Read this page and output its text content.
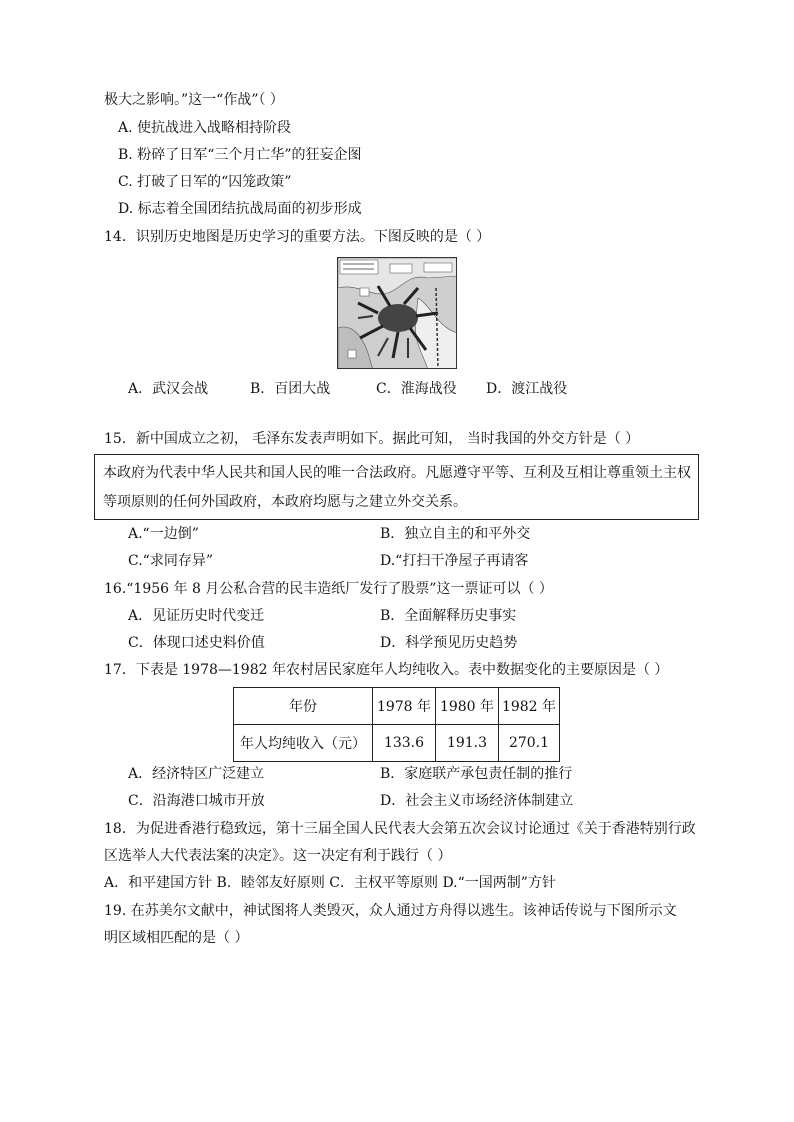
极大之影响。”这一“作战”（ ）
A. 使抗战进入战略相持阶段
B. 粉碎了日军“三个月亡华”的狂妄企图
C. 打破了日军的“囚笼政策”
D. 标志着全国团结抗战局面的初步形成
14．识别历史地图是历史学习的重要方法。下图反映的是（ ）
A．武汉会战	B．百团大战	C．淮海战役 D．渡江战役
15．新中国成立之初， 毛泽东发表声明如下。据此可知， 当时我国的外交方针是（ ）
本政府为代表中华人民共和国人民的唯一合法政府。凡愿遵守平等、互利及互相让尊重领土主权
等项原则的任何外国政府，本政府均愿与之建立外交关系。
A.“一边倒”	B．独立自主的和平外交
C.“求同存异”	D.“打扫干净屋子再请客
16.“1956 年 8 月公私合营的民丰造纸厂发行了股票”这一票证可以（ ）
A．见证历史时代变迁	B．全面解释历史事实
C．体现口述史料价值	D．科学预见历史趋势
17．下表是 1978—1982 年农村居民家庭年人均纯收入。表中数据变化的主要原因是（ ）
年份	1978 年	1980 年	1982 年
年人均纯收入（元）	133.6	191.3	270.1
A．经济特区广泛建立	B．家庭联产承包责任制的推行
C．沿海港口城市开放	D．社会主义市场经济体制建立
18．为促进香港行稳致远，第十三届全国人民代表大会第五次会议讨论通过《关于香港特别行政
区选举人大代表法案的决定》。这一决定有利于践行（ ）
A．和平建国方针 B．睦邻友好原则 C．主权平等原则 D.“一国两制”方针
19. 在苏美尔文献中，神试图将人类毁灭，众人通过方舟得以逃生。该神话传说与下图所示文
明区域相匹配的是（ ）
